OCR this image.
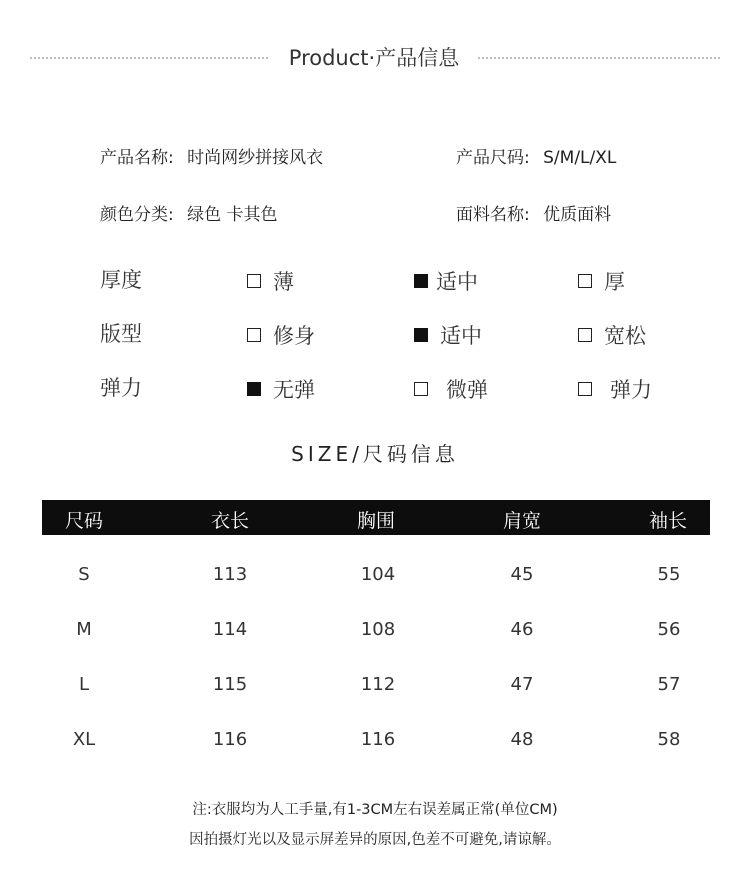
Product·产品信息
产品名称: 时尚网纱拼接风衣	产品尺码: S/M/L/XL
颜色分类: 绿色 卡其色	面料名称: 优质面料
厚度	薄	适中	厚
版型	修身	适中	宽松
弹力	无弹	微弹	弹力
SIZE/尺码信息
尺码	衣长	胸围	肩宽	袖长
S	113	104	45	55
M	114	108	46	56
L	115	112	47	57
XL	116	116	48	58
注:衣服均为人工手量,有1-3CM左右误差属正常(单位CM)
因拍摄灯光以及显示屏差异的原因,色差不可避免,请谅解。
